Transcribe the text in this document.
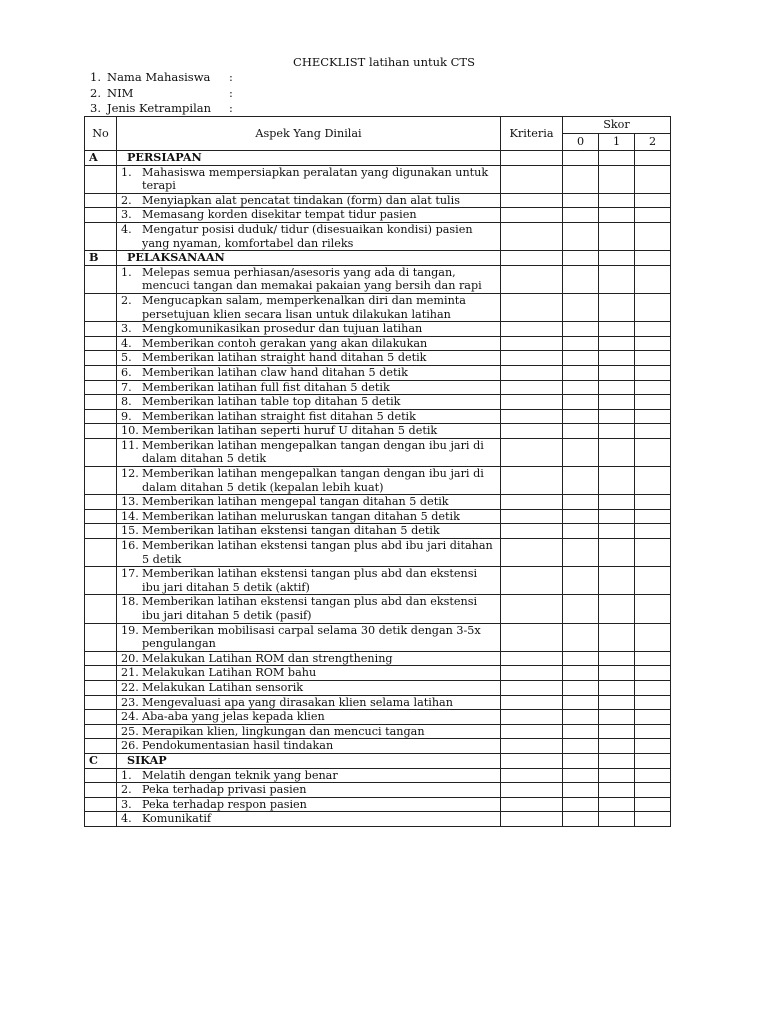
CHECKLIST latihan untuk CTS
1. Nama Mahasiswa	:
2. NIM	:
3. Jenis Ketrampilan	:
No	Aspek Yang Dinilai	Kriteria	Skor		
			0	1	2
A	PERSIAPAN				

	1. Mahasiswa mempersiapkan peralatan yang digunakan untuk terapi				

	2. Menyiapkan alat pencatat tindakan (form) dan alat tulis				

	3. Memasang korden disekitar tempat tidur pasien				

	4. Mengatur posisi duduk/ tidur (disesuaikan kondisi) pasien yang nyaman, komfortabel dan rileks				

B	PELAKSANAAN				

	1. Melepas semua perhiasan/asesoris yang ada di tangan, mencuci tangan dan memakai pakaian yang bersih dan rapi				

	2. Mengucapkan salam, memperkenalkan diri dan meminta persetujuan klien secara lisan untuk dilakukan latihan				

	3. Mengkomunikasikan prosedur dan tujuan latihan				

	4. Memberikan contoh gerakan yang akan dilakukan				

	5. Memberikan latihan straight hand ditahan 5 detik				

	6. Memberikan latihan claw hand ditahan 5 detik				

	7. Memberikan latihan full fist ditahan 5 detik				

	8. Memberikan latihan table top ditahan 5 detik				

	9. Memberikan latihan straight fist ditahan 5 detik				

	10. Memberikan latihan seperti huruf U ditahan 5 detik				

	11. Memberikan latihan mengepalkan tangan dengan ibu jari di dalam ditahan 5 detik				

	12. Memberikan latihan mengepalkan tangan dengan ibu jari di dalam ditahan 5 detik (kepalan lebih kuat)				

	13. Memberikan latihan mengepal tangan ditahan 5 detik				

	14. Memberikan latihan meluruskan tangan ditahan 5 detik				

	15. Memberikan latihan ekstensi tangan ditahan 5 detik				

	16. Memberikan latihan ekstensi tangan plus abd ibu jari ditahan 5 detik				

	17. Memberikan latihan ekstensi tangan plus abd dan ekstensi ibu jari ditahan 5 detik (aktif)				

	18. Memberikan latihan ekstensi tangan plus abd dan ekstensi ibu jari ditahan 5 detik (pasif)				

	19. Memberikan mobilisasi carpal selama 30 detik dengan 3-5x pengulangan				

	20. Melakukan Latihan ROM dan strengthening				

	21. Melakukan Latihan ROM bahu				

	22. Melakukan Latihan sensorik				

	23. Mengevaluasi apa yang dirasakan klien selama latihan				

	24. Aba-aba yang jelas kepada klien				

	25. Merapikan klien, lingkungan dan mencuci tangan				

	26. Pendokumentasian hasil tindakan				

C	SIKAP				

	1. Melatih dengan teknik yang benar				

	2. Peka terhadap privasi pasien				

	3. Peka terhadap respon pasien				

	4. Komunikatif				
